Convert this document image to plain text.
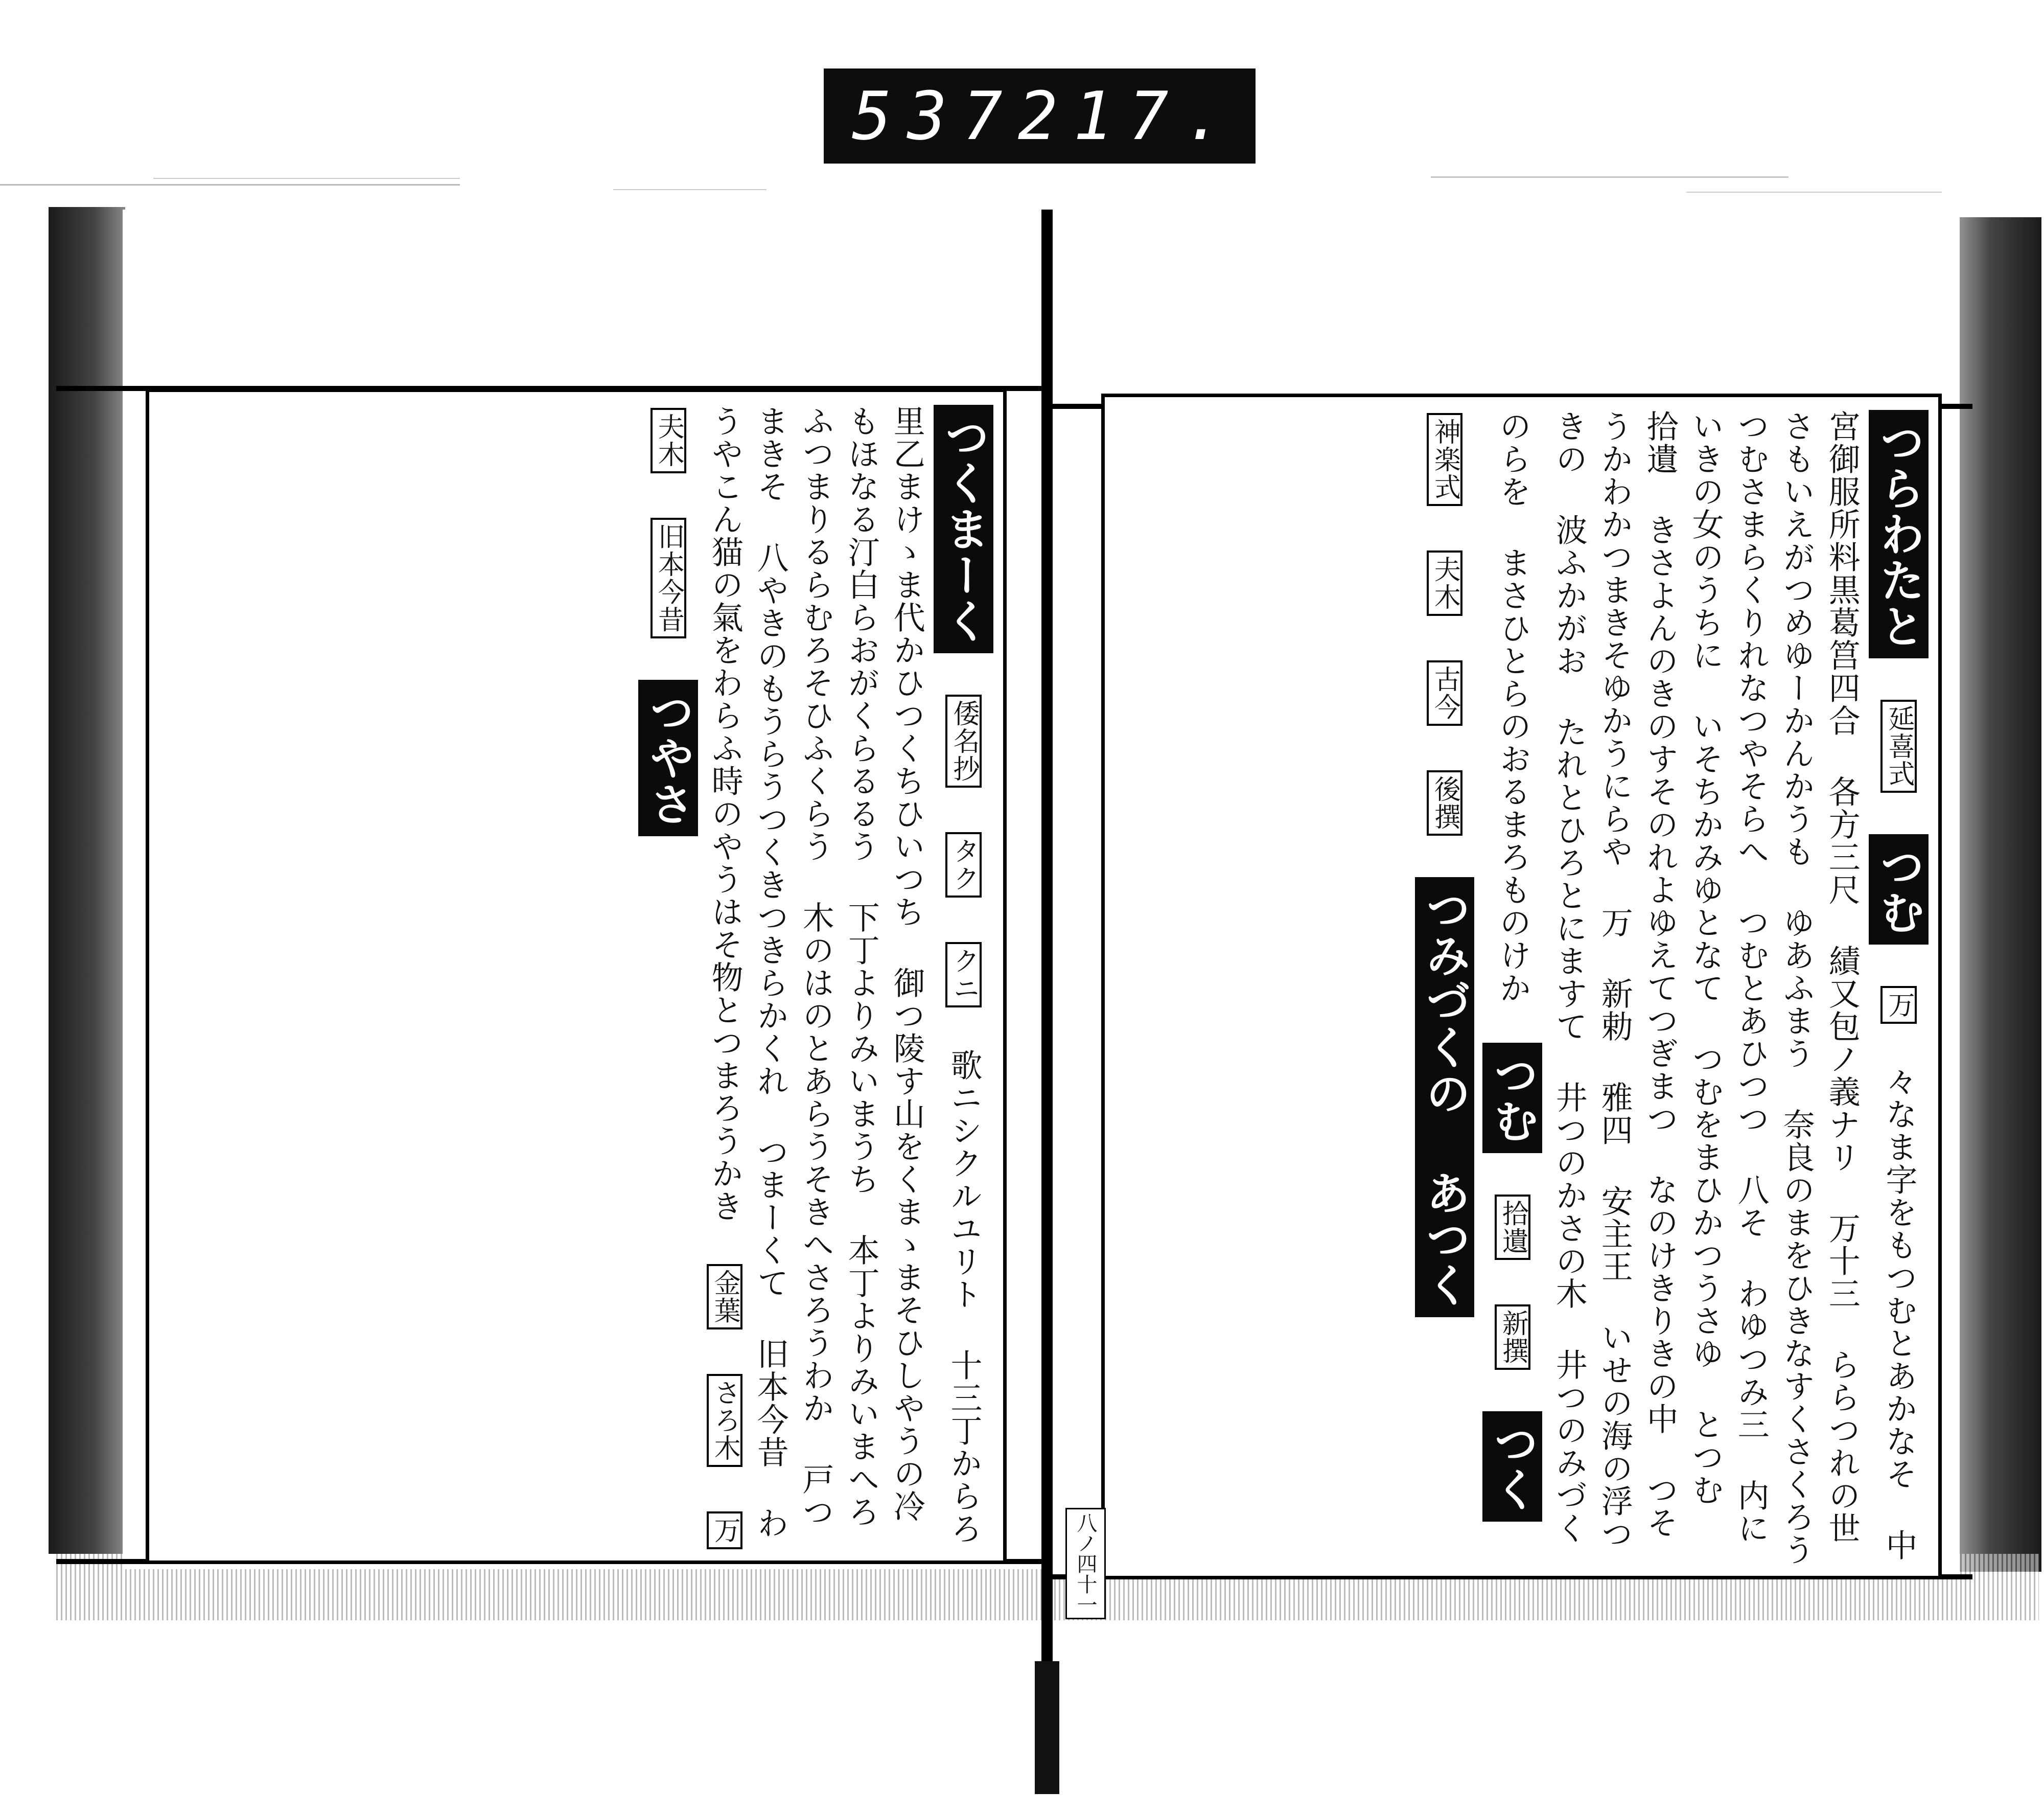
537 217.
つくまーく 倭名抄 タク クニ 歌ニシクルユリト 十三丁からろ里乙まけゝま代かひつくちひいつち 御つ陵す山をくまゝまそひしやうの冷もほなる汀白らおがくらるるう 下丁よりみいまうち 本丁よりみいまへろふつまりるらむろそひふくらう 木のはのとあらうそきへさろうわか 戸つまきそ 八やきのもうらうつくきつきらかくれ つまーくて 旧本今昔 わうやこん猫の氣をわらふ時のやうはそ物とつまろうかき 金葉 さろ木 万 夫木 旧本今昔 つやさ
つらわたと 延喜式 つむ 万 々なま字をもつむとあかなそ 中宮御服所料黒葛筥四合 各方三尺 績又包ノ義ナリ 万十三 ららつれの世さもいえがつめゆーかんかうも ゆあふまう 奈良のまをひきなすくさくろうつむさまらくりれなつやそらへ つむとあひつつ 八そ わゆつみ三 内にいきの女のうちに いそちかみゆとなて つむをまひかつうさゆ とつむ 拾遺 きさよんのきのすそのれよゆえてつぎまつ なのけきりきの中 つそうかわかつまきそゆかうにらや 万 新勅 雅四 安主王 いせの海の浮つきの 波ふかがお たれとひろとにますて 井つのかさの木 井つのみづくのらを まさひとらのおるまろものけか つむ 拾遺 新撰 つく 神楽式 夫木 古今 後撰 つみづくの あつく
八ノ四十一
